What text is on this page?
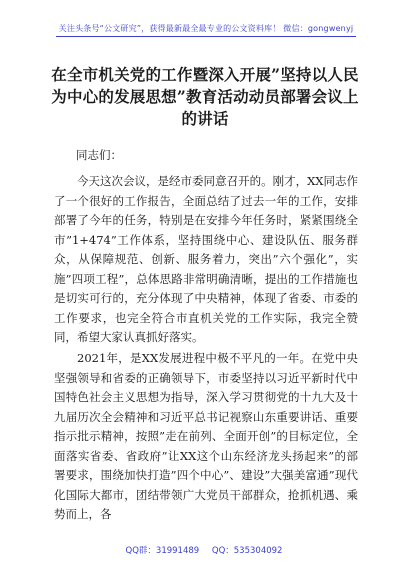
关注头条号“公文研究”，获得最新最全最专业的公文资料库！ 微信：gongwenyj
在全市机关党的工作暨深入开展”坚持以人民为中心的发展思想”教育活动动员部署会议上的讲话
同志们：

今天这次会议，是经市委同意召开的。刚才，XX同志作了一个很好的工作报告，全面总结了过去一年的工作，安排部署了今年的任务，特别是在安排今年任务时，紧紧围绕全市”1+474”工作体系，坚持围绕中心、建设队伍、服务群众，从保障规范、创新、服务着力，突出”六个强化”，实施”四项工程”，总体思路非常明确清晰，提出的工作措施也是切实可行的，充分体现了中央精神，体现了省委、市委的工作要求，也完全符合市直机关党的工作实际，我完全赞同，希望大家认真抓好落实。

2021年，是XX发展进程中极不平凡的一年。在党中央坚强领导和省委的正确领导下，市委坚持以习近平新时代中国特色社会主义思想为指导，深入学习贯彻党的十九大及十九届历次全会精神和习近平总书记视察山东重要讲话、重要指示批示精神，按照”走在前列、全面开创”的目标定位，全面落实省委、省政府”让XX这个山东经济龙头扬起来”的部署要求，围绕加快打造”四个中心”、建设”大强美富通”现代化国际大都市，团结带领广大党员干部群众，抢抓机遇、乘势而上，各

QQ群：31991489 QQ：535304092
